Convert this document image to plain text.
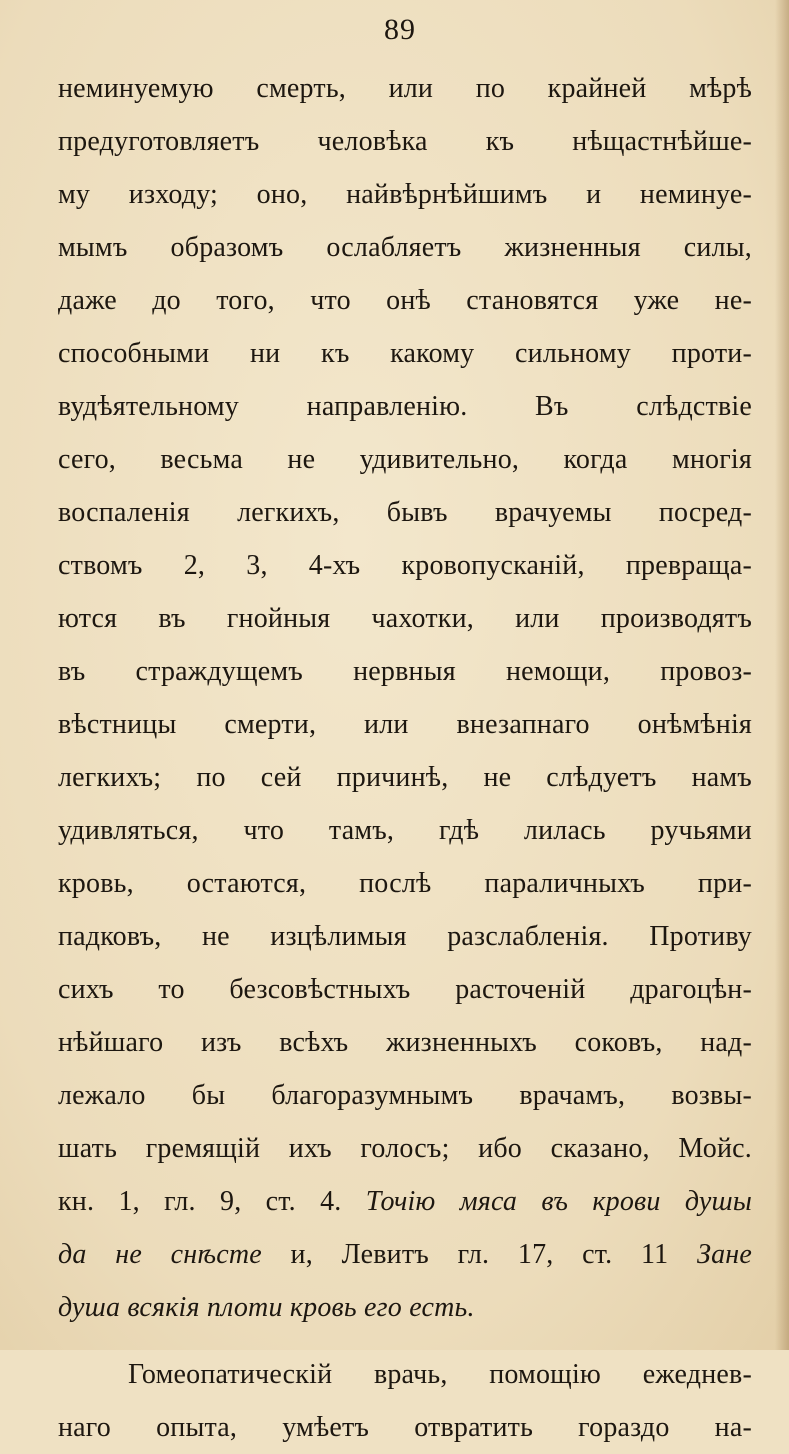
89
неминуемую смерть, или по крайней мѣрѣ
предуготовляетъ человѣка къ нѣщастнѣйше-
му изходу; оно, найвѣрнѣйшимъ и неминуе-
мымъ образомъ ослабляетъ жизненныя силы,
даже до того, что онѣ становятся уже не-
способными ни къ какому сильному проти-
вудѣятельному направленію. Въ слѣдствіе
сего, весьма не удивительно, когда многія
воспаленія легкихъ, бывъ врачуемы посред-
ствомъ 2, 3, 4-хъ кровопусканій, превраща-
ются въ гнойныя чахотки, или производятъ
въ страждущемъ нервныя немощи, провоз-
вѣстницы смерти, или внезапнаго онѣмѣнія
легкихъ; по сей причинѣ, не слѣдуетъ намъ
удивляться, что тамъ, гдѣ лилась ручьями
кровь, остаются, послѣ параличныхъ при-
падковъ, не изцѣлимыя разслабленія. Противу
сихъ то безсовѣстныхъ расточеній драгоцѣн-
нѣйшаго изъ всѣхъ жизненныхъ соковъ, над-
лежало бы благоразумнымъ врачамъ, возвы-
шать гремящій ихъ голосъ; ибо сказано, Мойс.
кн. 1, гл. 9, ст. 4. Точію мяса въ крови душы
да не снѣсте и, Левитъ гл. 17, ст. 11 Зане
душа всякія плоти кровь его есть.
Гомеопатическій врачь, помощію ежеднев-
наго опыта, умѣетъ отвратить гораздо на-
